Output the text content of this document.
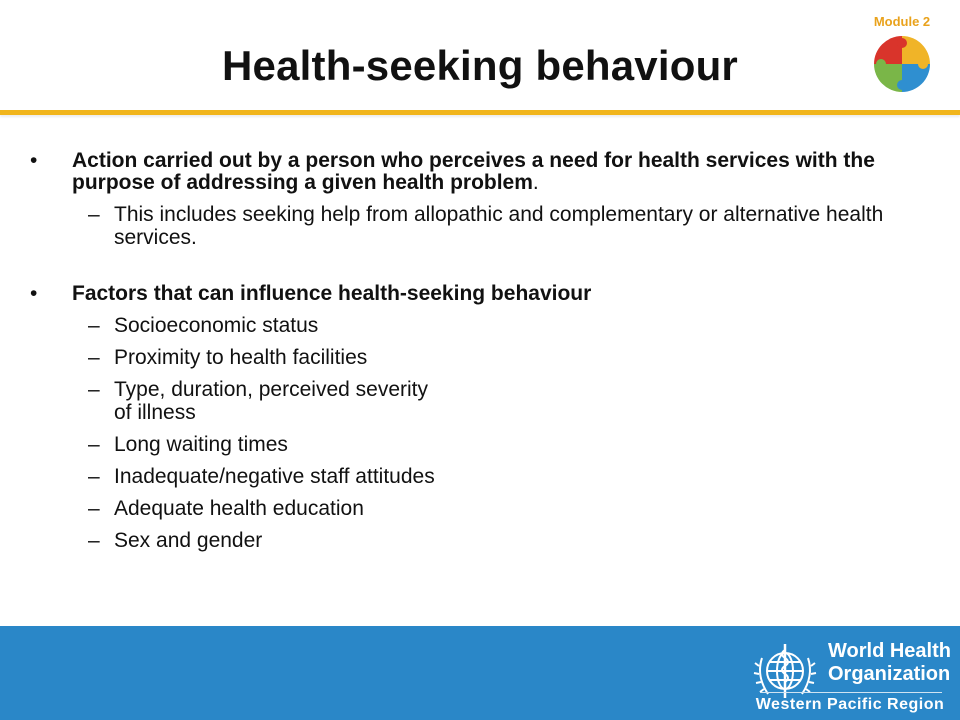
Health-seeking behaviour
Module 2
• Action carried out by a person who perceives a need for health services with the purpose of addressing a given health problem.
– This includes seeking help from allopathic and complementary or alternative health services.
• Factors that can influence health-seeking behaviour
– Socioeconomic status
– Proximity to health facilities
– Type, duration, perceived severity of illness
– Long waiting times
– Inadequate/negative staff attitudes
– Adequate health education
– Sex and gender
World Health
Organization
Western Pacific Region
